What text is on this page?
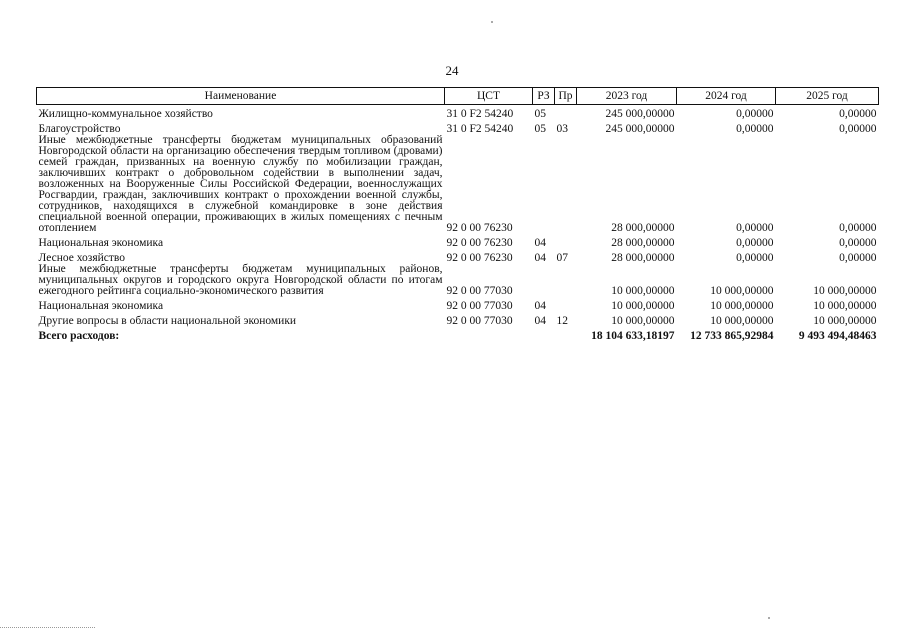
24
Наименование	ЦСТ	РЗ	Пр	2023 год	2024 год	2025 год
Жилищно-коммунальное хозяйство	31 0 F2 54240	05		245 000,00000	0,00000	0,00000
Благоустройство	31 0 F2 54240	05	03	245 000,00000	0,00000	0,00000
Иные межбюджетные трансферты бюджетам муниципальных образований Новгородской области на организацию обеспечения твердым топливом (дровами) семей граждан, призванных на военную службу по мобилизации граждан, заключивших контракт о добровольном содействии в выполнении задач, возложенных на Вооруженные Силы Российской Федерации, военнослужащих Росгвардии, граждан, заключивших контракт о прохождении военной службы, сотрудников, находящихся в служебной командировке в зоне действия специальной военной операции, проживающих в жилых помещениях с печным отоплением	92 0 00 76230			28 000,00000	0,00000	0,00000
Национальная экономика	92 0 00 76230	04		28 000,00000	0,00000	0,00000
Лесное хозяйство	92 0 00 76230	04	07	28 000,00000	0,00000	0,00000
Иные межбюджетные трансферты бюджетам муниципальных районов, муниципальных округов и городского округа Новгородской области по итогам ежегодного рейтинга социально-экономического развития	92 0 00 77030			10 000,00000	10 000,00000	10 000,00000
Национальная экономика	92 0 00 77030	04		10 000,00000	10 000,00000	10 000,00000
Другие вопросы в области национальной экономики	92 0 00 77030	04	12	10 000,00000	10 000,00000	10 000,00000
Всего расходов:				18 104 633,18197	12 733 865,92984	9 493 494,48463
